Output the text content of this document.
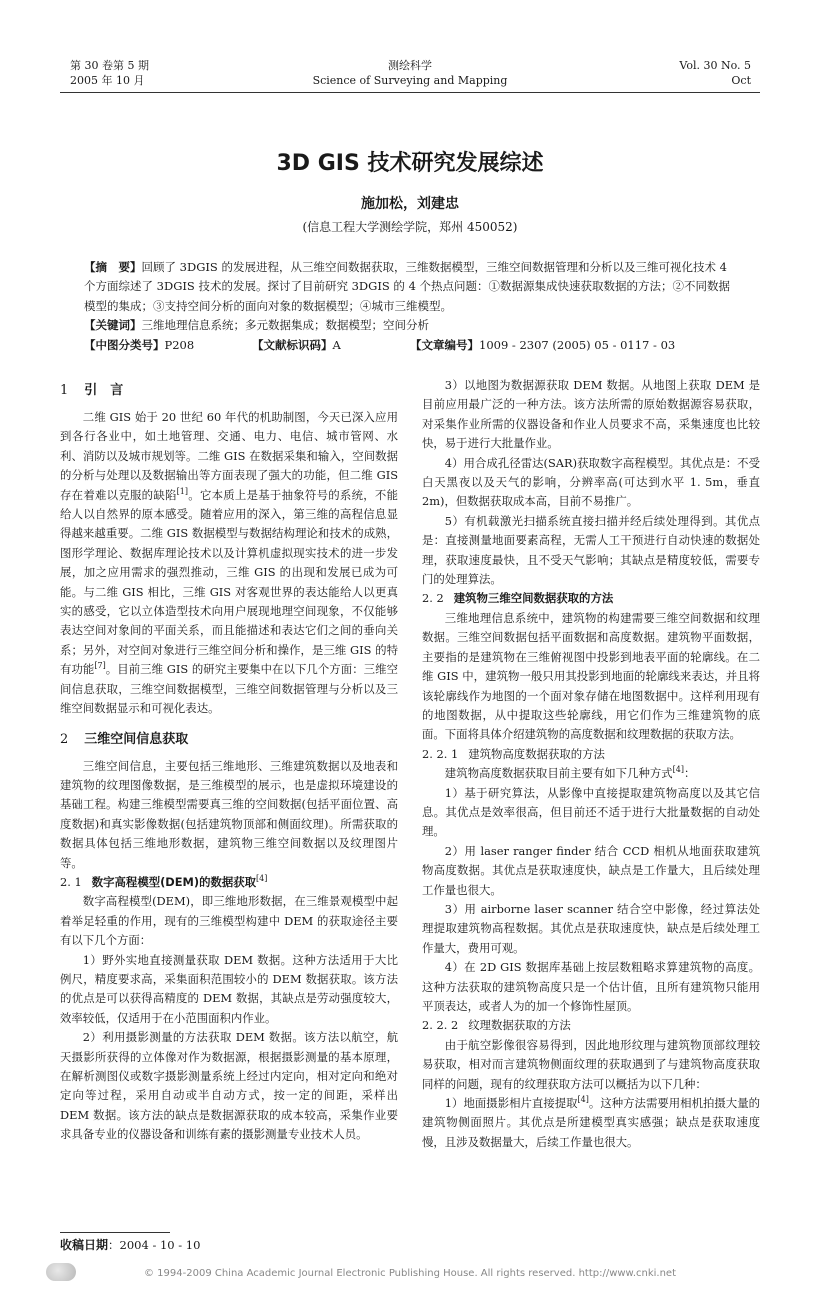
第 30 卷第 5 期
2005 年 10 月
测绘科学
Science of Surveying and Mapping
Vol. 30 No. 5
Oct
3D GIS 技术研究发展综述
施加松，刘建忠
(信息工程大学测绘学院，郑州 450052)

【摘　要】回顾了 3DGIS 的发展进程，从三维空间数据获取，三维数据模型，三维空间数据管理和分析以及三维可视化技术 4 个方面综述了 3DGIS 技术的发展。探讨了目前研究 3DGIS 的 4 个热点问题：①数据源集成快速获取数据的方法；②不同数据模型的集成；③支持空间分析的面向对象的数据模型；④城市三维模型。

【关键词】三维地理信息系统；多元数据集成；数据模型；空间分析

【中图分类号】P208	【文献标识码】A	【文章编号】1009 - 2307 (2005) 05 - 0117 - 03

1 引　言

二维 GIS 始于 20 世纪 60 年代的机助制图，今天已深入应用到各行各业中，如土地管理、交通、电力、电信、城市管网、水利、消防以及城市规划等。二维 GIS 在数据采集和输入，空间数据的分析与处理以及数据输出等方面表现了强大的功能，但二维 GIS 存在着难以克服的缺陷[1]。它本质上是基于抽象符号的系统，不能给人以自然界的原本感受。随着应用的深入，第三维的高程信息显得越来越重要。二维 GIS 数据模型与数据结构理论和技术的成熟，图形学理论、数据库理论技术以及计算机虚拟现实技术的进一步发展，加之应用需求的强烈推动，三维 GIS 的出现和发展已成为可能。与二维 GIS 相比，三维 GIS 对客观世界的表达能给人以更真实的感受，它以立体造型技术向用户展现地理空间现象，不仅能够表达空间对象间的平面关系，而且能描述和表达它们之间的垂向关系；另外，对空间对象进行三维空间分析和操作，是三维 GIS 的特有功能[7]。目前三维 GIS 的研究主要集中在以下几个方面：三维空间信息获取，三维空间数据模型，三维空间数据管理与分析以及三维空间数据显示和可视化表达。

2 三维空间信息获取

三维空间信息，主要包括三维地形、三维建筑数据以及地表和建筑物的纹理图像数据，是三维模型的展示，也是虚拟环境建设的基础工程。构建三维模型需要真三维的空间数据(包括平面位置、高度数据)和真实影像数据(包括建筑物顶部和侧面纹理)。所需获取的数据具体包括三维地形数据，建筑物三维空间数据以及纹理图片等。

2. 1 数字高程模型(DEM)的数据获取[4]

数字高程模型(DEM)，即三维地形数据，在三维景观模型中起着举足轻重的作用，现有的三维模型构建中 DEM 的获取途径主要有以下几个方面：

1）野外实地直接测量获取 DEM 数据。这种方法适用于大比例尺，精度要求高，采集面积范围较小的 DEM 数据获取。该方法的优点是可以获得高精度的 DEM 数据，其缺点是劳动强度较大，效率较低，仅适用于在小范围面积内作业。

2）利用摄影测量的方法获取 DEM 数据。该方法以航空，航天摄影所获得的立体像对作为数据源，根据摄影测量的基本原理，在解析测图仪或数字摄影测量系统上经过内定向，相对定向和绝对定向等过程，采用自动或半自动方式，按一定的间距，采样出 DEM 数据。该方法的缺点是数据源获取的成本较高，采集作业要求具备专业的仪器设备和训练有素的摄影测量专业技术人员。

3）以地图为数据源获取 DEM 数据。从地图上获取 DEM 是目前应用最广泛的一种方法。该方法所需的原始数据源容易获取，对采集作业所需的仪器设备和作业人员要求不高，采集速度也比较快，易于进行大批量作业。

4）用合成孔径雷达(SAR)获取数字高程模型。其优点是：不受白天黑夜以及天气的影响，分辨率高(可达到水平 1. 5m，垂直 2m)，但数据获取成本高，目前不易推广。

5）有机载激光扫描系统直接扫描并经后续处理得到。其优点是：直接测量地面要素高程，无需人工干预进行自动快速的数据处理，获取速度最快，且不受天气影响；其缺点是精度较低，需要专门的处理算法。

2. 2 建筑物三维空间数据获取的方法

三维地理信息系统中，建筑物的构建需要三维空间数据和纹理数据。三维空间数据包括平面数据和高度数据。建筑物平面数据，主要指的是建筑物在三维俯视图中投影到地表平面的轮廓线。在二维 GIS 中，建筑物一般只用其投影到地面的轮廓线来表达，并且将该轮廓线作为地图的一个面对象存储在地图数据中。这样利用现有的地图数据，从中提取这些轮廓线，用它们作为三维建筑物的底面。下面将具体介绍建筑物的高度数据和纹理数据的获取方法。

2. 2. 1 建筑物高度数据获取的方法

建筑物高度数据获取目前主要有如下几种方式[4]：

1）基于研究算法，从影像中直接提取建筑物高度以及其它信息。其优点是效率很高，但目前还不适于进行大批量数据的自动处理。

2）用 laser ranger finder 结合 CCD 相机从地面获取建筑物高度数据。其优点是获取速度快，缺点是工作量大，且后续处理工作量也很大。

3）用 airborne laser scanner 结合空中影像，经过算法处理提取建筑物高程数据。其优点是获取速度快，缺点是后续处理工作量大，费用可观。

4）在 2D GIS 数据库基础上按层数粗略求算建筑物的高度。这种方法获取的建筑物高度只是一个估计值，且所有建筑物只能用平顶表达，或者人为的加一个修饰性屋顶。

2. 2. 2 纹理数据获取的方法

由于航空影像很容易得到，因此地形纹理与建筑物顶部纹理较易获取，相对而言建筑物侧面纹理的获取遇到了与建筑物高度获取同样的问题，现有的纹理获取方法可以概括为以下几种：

1）地面摄影相片直接提取[4]。这种方法需要用相机拍摄大量的建筑物侧面照片。其优点是所建模型真实感强；缺点是获取速度慢，且涉及数据量大，后续工作量也很大。

收稿日期：2004 - 10 - 10
© 1994-2009 China Academic Journal Electronic Publishing House. All rights reserved. http://www.cnki.net
